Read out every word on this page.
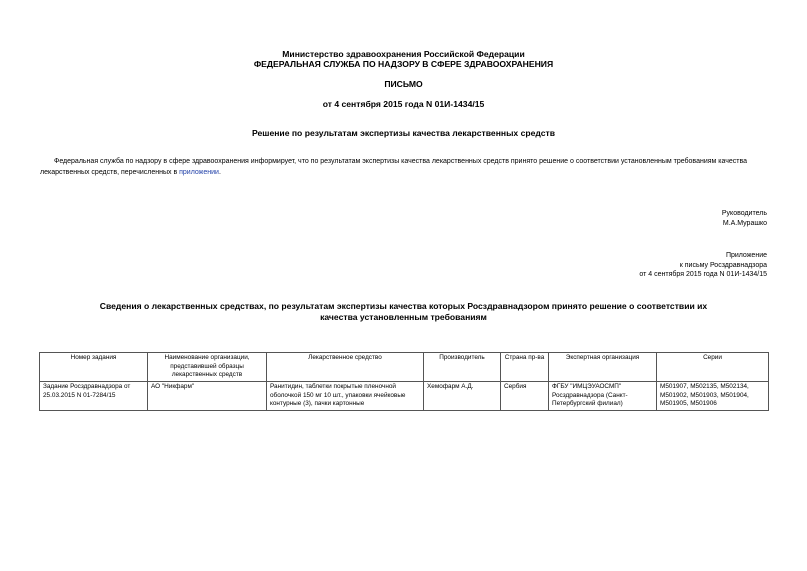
Министерство здравоохранения Российской Федерации
ФЕДЕРАЛЬНАЯ СЛУЖБА ПО НАДЗОРУ В СФЕРЕ ЗДРАВООХРАНЕНИЯ
ПИСЬМО
от 4 сентября 2015 года N 01И-1434/15
Решение по результатам экспертизы качества лекарственных средств
Федеральная служба по надзору в сфере здравоохранения информирует, что по результатам экспертизы качества лекарственных средств принято решение о соответствии установленным требованиям качества лекарственных средств, перечисленных в приложении.
Руководитель
М.А.Мурашко
Приложение
к письму Росздравнадзора
от 4 сентября 2015 года N 01И-1434/15
Сведения о лекарственных средствах, по результатам экспертизы качества которых Росздравнадзором принято решение о соответствии их качества установленным требованиям
Номер задания	Наименование организации, представившей образцы лекарственных средств	Лекарственное средство	Производитель	Страна пр-ва	Экспертная организация	Серии
Задание Росздравнадзора от 25.03.2015 N 01-7284/15	АО "Никфарм"	Ранитидин, таблетки покрытые пленочной оболочкой 150 мг 10 шт., упаковки ячейковые контурные (3), пачки картонные	Хемофарм А.Д.	Сербия	ФГБУ "ИМЦЭУАОСМП" Росздравнадзора (Санкт-Петербургский филиал)	M501907, M502135, M502134, M501902, M501903, M501904, M501905, M501906
